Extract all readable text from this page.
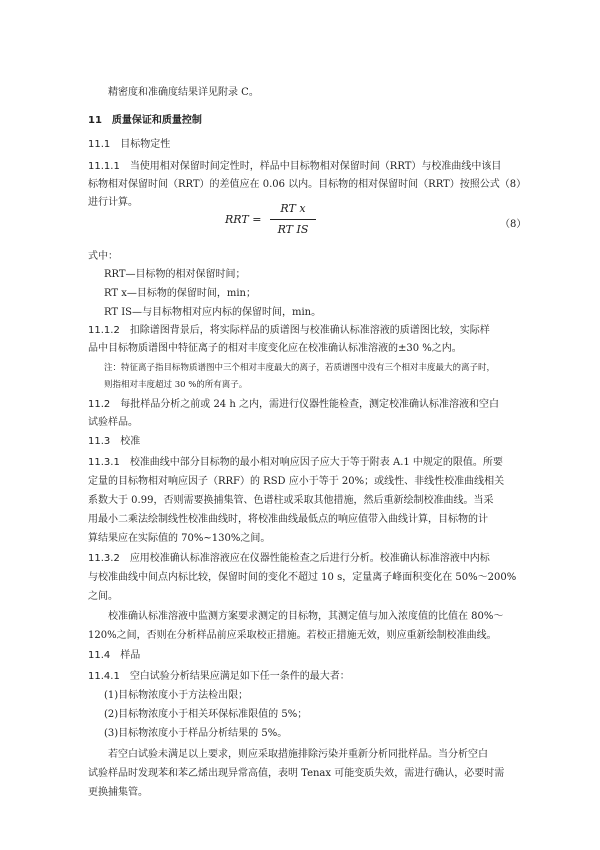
精密度和准确度结果详见附录 C。
11 质量保证和质量控制
11.1 目标物定性
11.1.1 当使用相对保留时间定性时，样品中目标物相对保留时间（RRT）与校准曲线中该目
标物相对保留时间（RRT）的差值应在 0.06 以内。目标物的相对保留时间（RRT）按照公式（8）
进行计算。
RRT =
RT x
RT IS	（8）
式中：
RRT—目标物的相对保留时间；
RT x—目标物的保留时间，min；
RT IS—与目标物相对应内标的保留时间，min。
11.1.2 扣除谱图背景后，将实际样品的质谱图与校准确认标准溶液的质谱图比较，实际样
品中目标物质谱图中特征离子的相对丰度变化应在校准确认标准溶液的±30 %之内。
注：特征离子指目标物质谱图中三个相对丰度最大的离子，若质谱图中没有三个相对丰度最大的离子时，
则指相对丰度超过 30 %的所有离子。
11.2 每批样品分析之前或 24 h 之内，需进行仪器性能检查，测定校准确认标准溶液和空白
试验样品。
11.3 校准
11.3.1 校准曲线中部分目标物的最小相对响应因子应大于等于附表 A.1 中规定的限值。所要
定量的目标物相对响应因子（RRF）的 RSD 应小于等于 20%；或线性、非线性校准曲线相关
系数大于 0.99，否则需要换捕集管、色谱柱或采取其他措施，然后重新绘制校准曲线。当采
用最小二乘法绘制线性校准曲线时，将校准曲线最低点的响应值带入曲线计算，目标物的计
算结果应在实际值的 70%~130%之间。
11.3.2 应用校准确认标准溶液应在仪器性能检查之后进行分析。校准确认标准溶液中内标
与校准曲线中间点内标比较，保留时间的变化不超过 10 s，定量离子峰面积变化在 50%～200%
之间。
校准确认标准溶液中监测方案要求测定的目标物，其测定值与加入浓度值的比值在 80%～
120%之间，否则在分析样品前应采取校正措施。若校正措施无效，则应重新绘制校准曲线。
11.4 样品
11.4.1 空白试验分析结果应满足如下任一条件的最大者：
(1)目标物浓度小于方法检出限；
(2)目标物浓度小于相关环保标准限值的 5%；
(3)目标物浓度小于样品分析结果的 5%。
若空白试验未满足以上要求，则应采取措施排除污染并重新分析同批样品。当分析空白
试验样品时发现苯和苯乙烯出现异常高值，表明 Tenax 可能变质失效，需进行确认，必要时需
更换捕集管。
